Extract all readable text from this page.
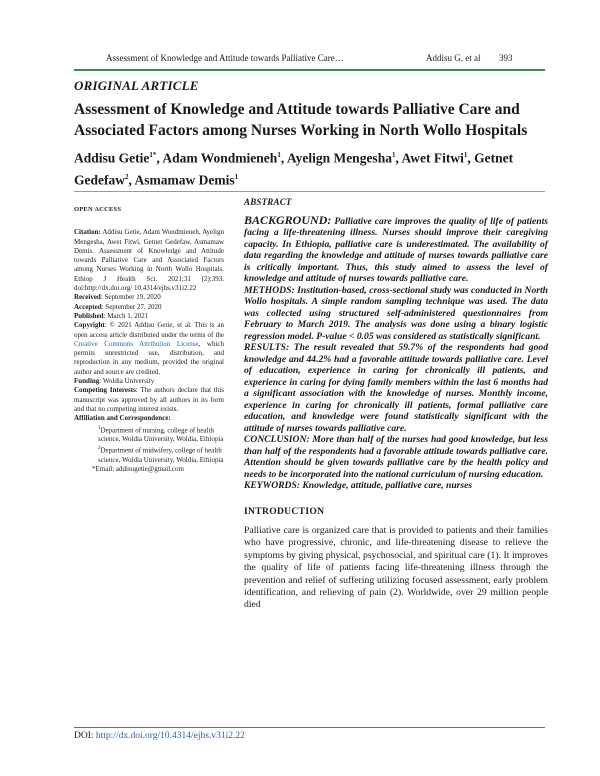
Assessment of Knowledge and Attitude towards Palliative Care…	Addisu G. et al 393
ORIGINAL ARTICLE
Assessment of Knowledge and Attitude towards Palliative Care and Associated Factors among Nurses Working in North Wollo Hospitals
Addisu Getie$^{1*}$, Adam Wondmieneh$^1$, Ayelign Mengesha$^1$, Awet Fitwi$^1$, Getnet Gedefaw$^2$, Asmamaw Demis$^1$
OPEN ACCESS

Citation: Addisu Getie, Adam Wondmieneh, Ayelign Mengesha, Awet Fitwi, Getnet Gedefaw, Asmamaw Demis. Assessment of Knowledge and Attitude towards Palliative Care and Associated Factors among Nurses Working in North Wollo Hospitals. Ethiop J Health Sci. 2021;31 (2):393. doi:http://dx.doi.org/ 10.4314/ejhs.v31i2.22

Received: September 19, 2020

Accepted: September 27, 2020

Published: March 1, 2021

Copyright: © 2021 Addisu Getie, et al. This is an open access article distributed under the terms of the Creative Commons Attribution License, which permits unrestricted use, distribution, and reproduction in any medium, provided the original author and source are credited.

Funding: Woldia University

Competing Interests: The authors declare that this manuscript was approved by all authors in its form and that no competing interest exists.

Affiliation and Correspondence:

$^1$Department of nursing, college of health science, Woldia University, Woldia, Ethiopia

$^2$Department of midwifery, college of health science, Woldia University, Woldia, Ethiopia

*Email: addisugetie@gmail.com

ABSTRACT

BACKGROUND: Palliative care improves the quality of life of patients facing a life-threatening illness. Nurses should improve their caregiving capacity. In Ethiopia, palliative care is underestimated. The availability of data regarding the knowledge and attitude of nurses towards palliative care is critically important. Thus, this study aimed to assess the level of knowledge and attitude of nurses towards palliative care.

METHODS: Institution-based, cross-sectional study was conducted in North Wollo hospitals. A simple random sampling technique was used. The data was collected using structured self-administered questionnaires from February to March 2019. The analysis was done using a binary logistic regression model. P-value < 0.05 was considered as statistically significant.

RESULTS: The result revealed that 59.7% of the respondents had good knowledge and 44.2% had a favorable attitude towards palliative care. Level of education, experience in caring for chronically ill patients, and experience in caring for dying family members within the last 6 months had a significant association with the knowledge of nurses. Monthly income, experience in caring for chronically ill patients, formal palliative care education, and knowledge were found statistically significant with the attitude of nurses towards palliative care.

CONCLUSION: More than half of the nurses had good knowledge, but less than half of the respondents had a favorable attitude towards palliative care. Attention should be given towards palliative care by the health policy and needs to be incorporated into the national curriculum of nursing education.

KEYWORDS: Knowledge, attitude, palliative care, nurses

INTRODUCTION

Palliative care is organized care that is provided to patients and their families who have progressive, chronic, and life-threatening disease to relieve the symptoms by giving physical, psychosocial, and spiritual care (1). It improves the quality of life of patients facing life-threatening illness through the prevention and relief of suffering utilizing focused assessment, early problem identification, and relieving of pain (2). Worldwide, over 29 million people died

DOI: http://dx.doi.org/10.4314/ejhs.v31i2.22
